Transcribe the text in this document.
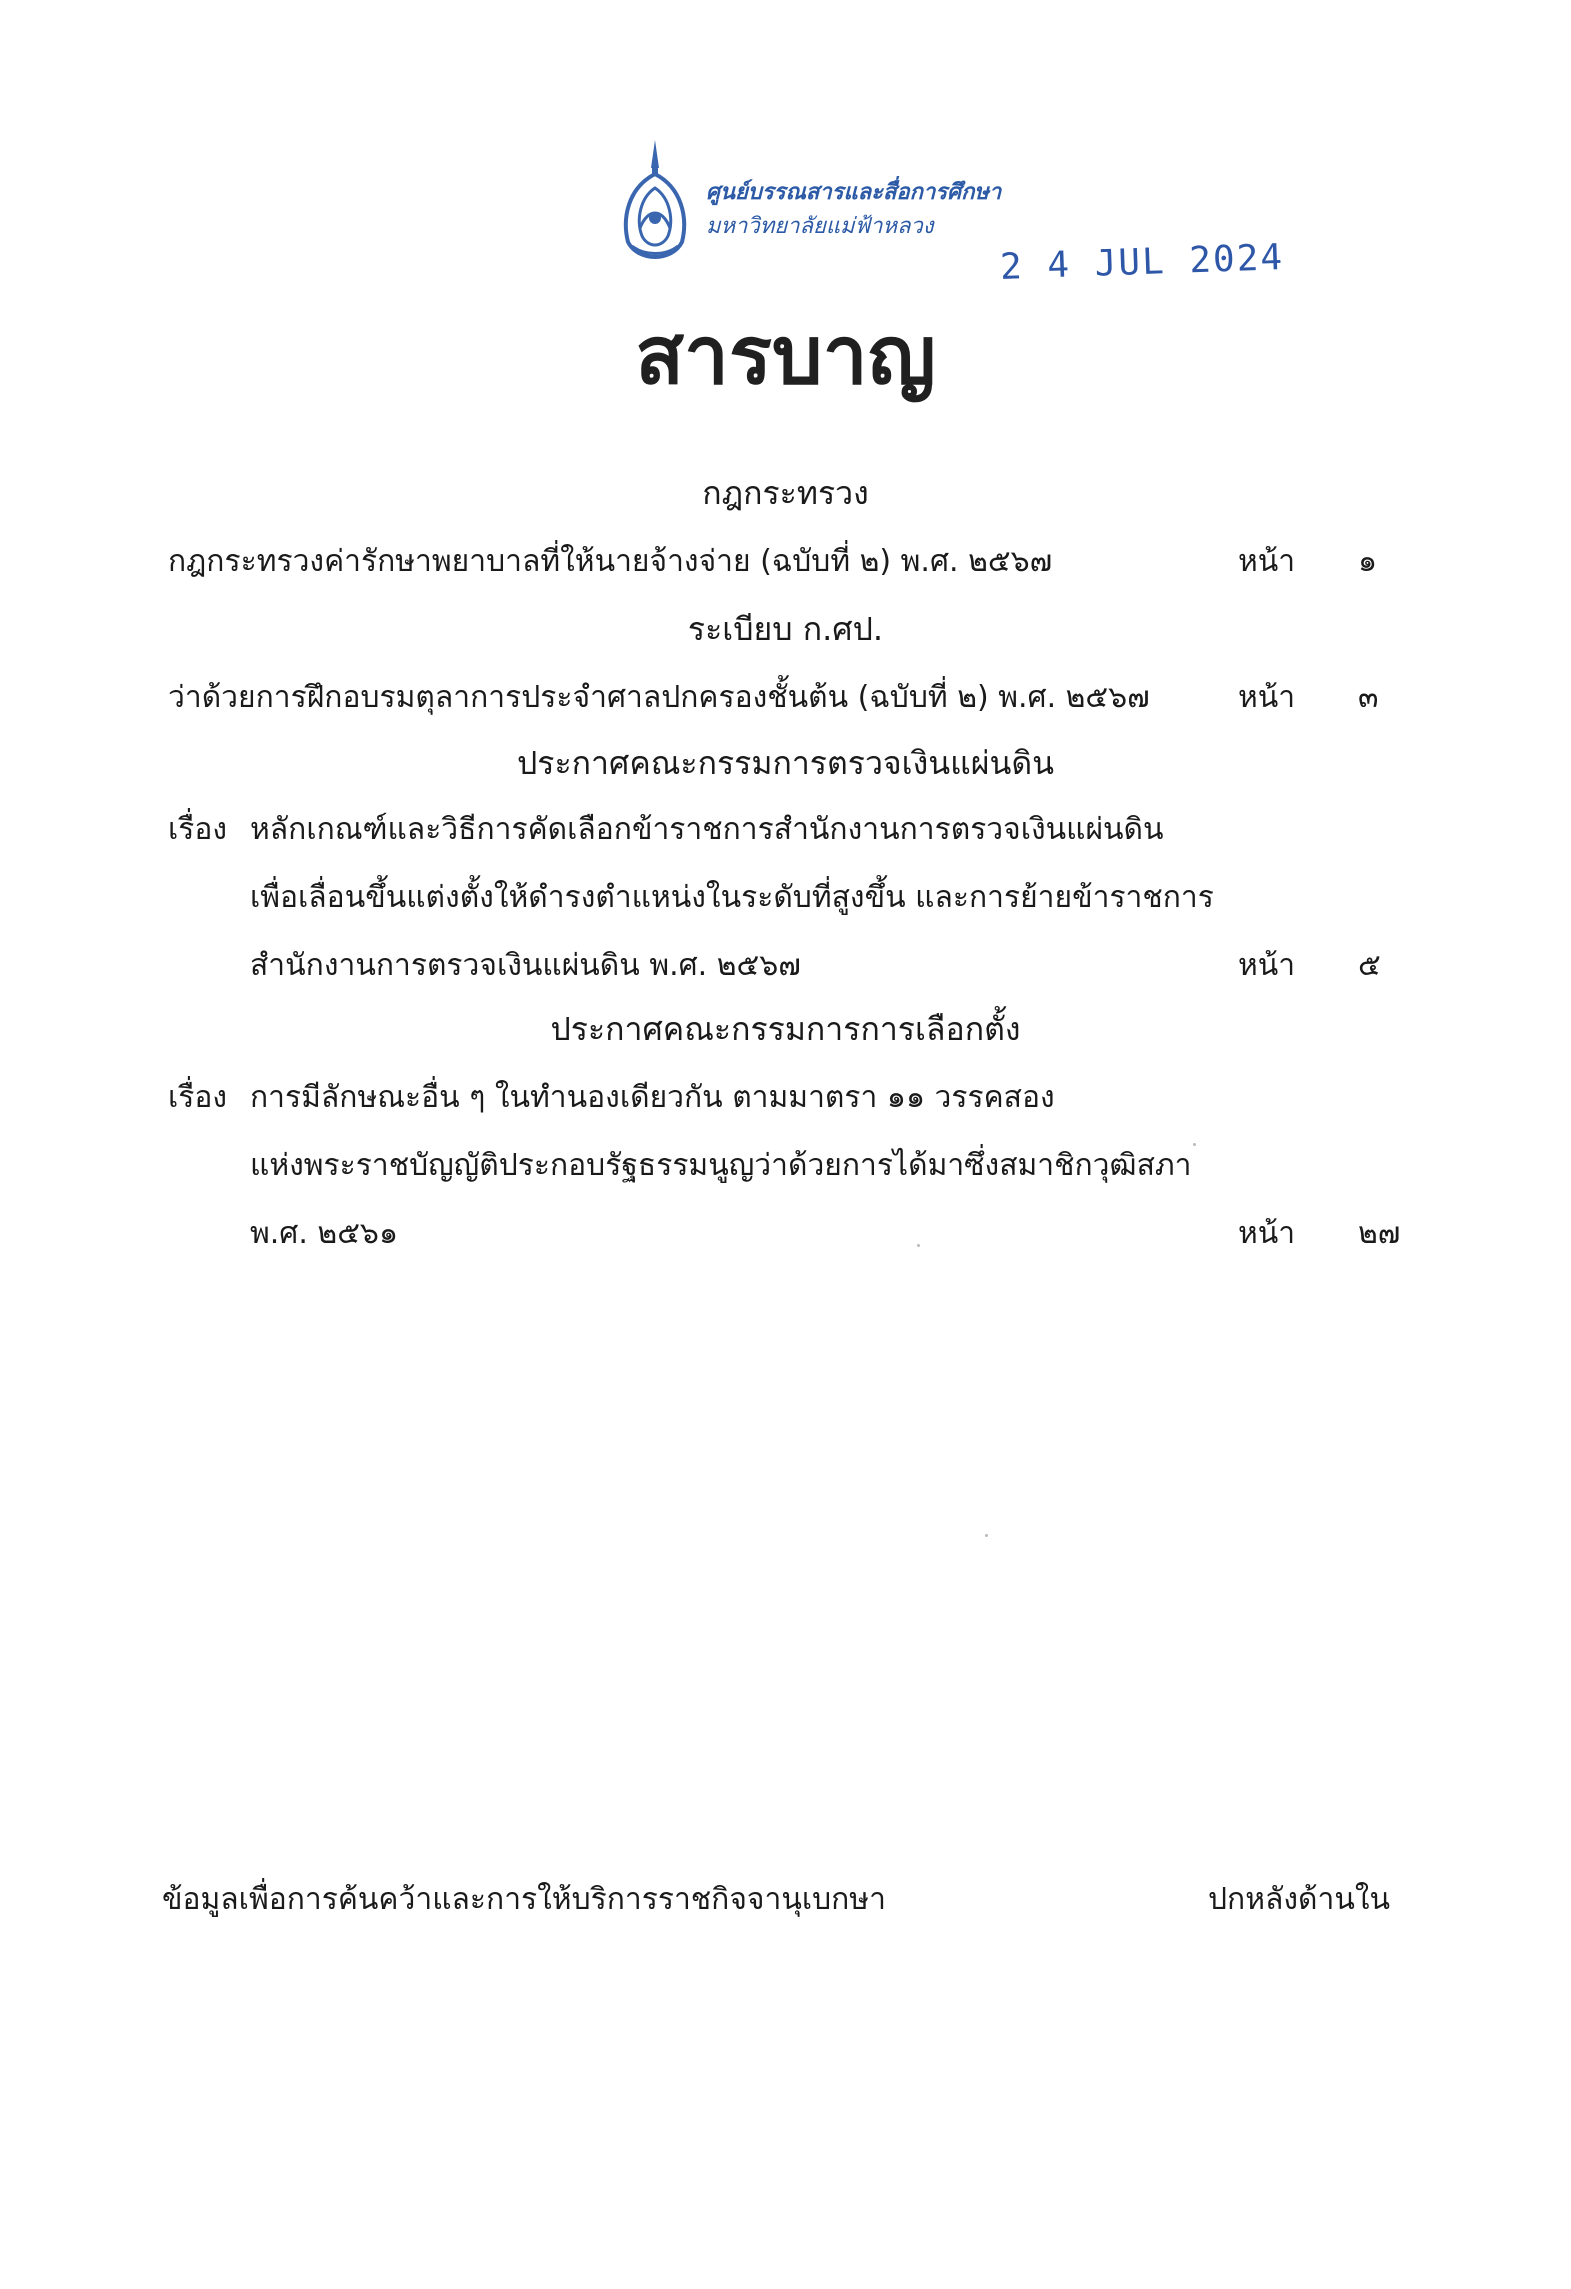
ศูนย์บรรณสารและสื่อการศึกษา
มหาวิทยาลัยแม่ฟ้าหลวง
2 4 JUL 2024
สารบาญ
กฎกระทรวง
กฎกระทรวงค่ารักษาพยาบาลที่ให้นายจ้างจ่าย (ฉบับที่ ๒) พ.ศ. ๒๕๖๗	หน้า ๑
ระเบียบ ก.ศป.
ว่าด้วยการฝึกอบรมตุลาการประจำศาลปกครองชั้นต้น (ฉบับที่ ๒) พ.ศ. ๒๕๖๗	หน้า ๓
ประกาศคณะกรรมการตรวจเงินแผ่นดิน
เรื่อง หลักเกณฑ์และวิธีการคัดเลือกข้าราชการสำนักงานการตรวจเงินแผ่นดิน
เพื่อเลื่อนขึ้นแต่งตั้งให้ดำรงตำแหน่งในระดับที่สูงขึ้น และการย้ายข้าราชการ
สำนักงานการตรวจเงินแผ่นดิน พ.ศ. ๒๕๖๗	หน้า ๕
ประกาศคณะกรรมการการเลือกตั้ง
เรื่อง การมีลักษณะอื่น ๆ ในทำนองเดียวกัน ตามมาตรา ๑๑ วรรคสอง
แห่งพระราชบัญญัติประกอบรัฐธรรมนูญว่าด้วยการได้มาซึ่งสมาชิกวุฒิสภา
พ.ศ. ๒๕๖๑	หน้า ๒๗
ข้อมูลเพื่อการค้นคว้าและการให้บริการราชกิจจานุเบกษา	ปกหลังด้านใน
